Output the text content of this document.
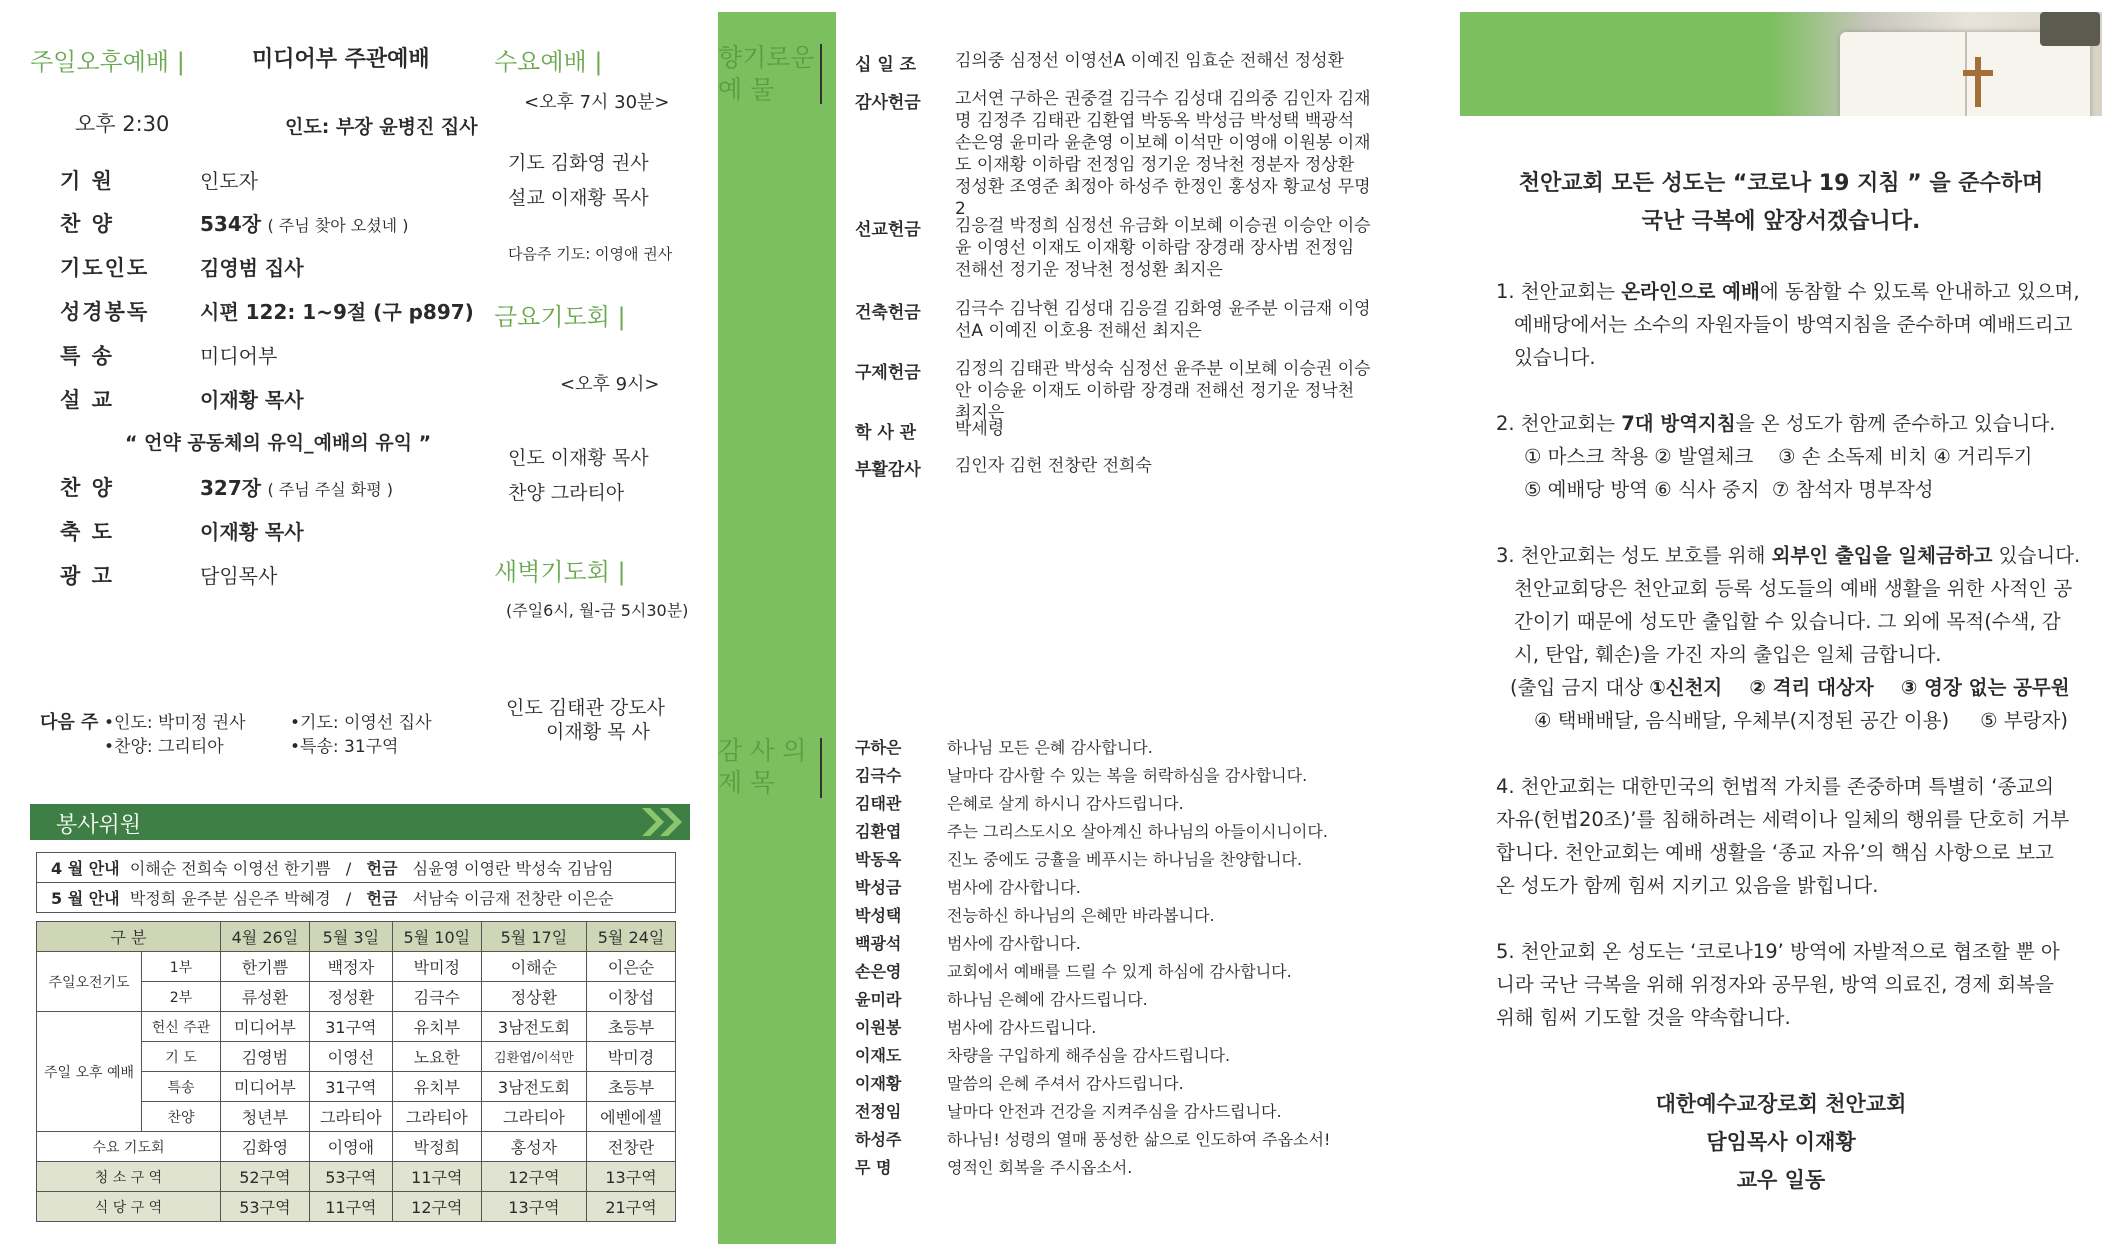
주일오후예배 |	미디어부 주관예배
오후 2:30	인도: 부장 윤병진 집사
기 원	인도자
찬 양	534장 ( 주님 찾아 오셨네 )
기도인도	김영범 집사
성경봉독	시편 122: 1~9절 (구 p897)
특 송	미디어부
설 교	이재황 목사
“ 언약 공동체의 유익_예배의 유익 ”
찬 양	327장 ( 주님 주실 화평 )
축 도	이재황 목사
광 고	담임목사
다음 주 •인도: 박미정 권사	•기도: 이영선 집사
•찬양: 그리티아	•특송: 31구역
수요예배 |
<오후 7시 30분>
기도 김화영 권사
설교 이재황 목사
다음주 기도: 이영애 권사
금요기도회 |
<오후 9시>
인도 이재황 목사
찬양 그라티아
새벽기도회 |
(주일6시, 월-금 5시30분)
인도 김태관 강도사
이재황 목 사
봉사위원
4 월 안내 이해순 전희숙 이영선 한기쁨 / 헌금 심윤영 이영란 박성숙 김남임
5 월 안내 박정희 윤주분 심은주 박혜경 / 헌금 서남숙 이금재 전창란 이은순
구 분		4월 26일	5월 3일	5월 10일	5월 17일	5월 24일
주일오전기도	1부	한기쁨	백정자	박미정	이해순	이은순
	2부	류성환	정성환	김극수	정상환	이창섭
주일 오후 예배	헌신 주관	미디어부	31구역	유치부	3남전도회	초등부
	기 도	김영범	이영선	노요한	김환엽/이석만	박미경
	특송	미디어부	31구역	유치부	3남전도회	초등부
	찬양	청년부	그라티아	그라티아	그라티아	에벤에셀
수요 기도회		김화영	이영애	박정희	홍성자	전창란
청 소 구 역		52구역	53구역	11구역	12구역	13구역
식 당 구 역		53구역	11구역	12구역	13구역	21구역
향기로운
예 물
감 사 의
제 목
십 일 조	김의중 심정선 이영선A 이예진 임효순 전해선 정성환
감사헌금	고서연 구하은 권중걸 김극수 김성대 김의중 김인자 김재명 김정주 김태관 김환엽 박동옥 박성금 박성택 백광석 손은영 윤미라 윤춘영 이보혜 이석만 이영애 이원봉 이재도 이재황 이하람 전정임 정기운 정낙천 정분자 정상환 정성환 조영준 최정아 하성주 한정인 홍성자 황교성 무명2
선교헌금	김응걸 박정희 심정선 유금화 이보혜 이승권 이승안 이승윤 이영선 이재도 이재황 이하람 장경래 장사범 전정임 전해선 정기운 정낙천 정성환 최지은
건축헌금	김극수 김낙현 김성대 김응걸 김화영 윤주분 이금재 이영선A 이예진 이호용 전해선 최지은
구제헌금	김정의 김태관 박성숙 심정선 윤주분 이보혜 이승권 이승안 이승윤 이재도 이하람 장경래 전해선 정기운 정낙천 최지은
학 사 관	박세령
부활감사	김인자 김헌 전창란 전희숙
구하은	하나님 모든 은혜 감사합니다.
김극수	날마다 감사할 수 있는 복을 허락하심을 감사합니다.
김태관	은혜로 살게 하시니 감사드립니다.
김환엽	주는 그리스도시오 살아계신 하나님의 아들이시니이다.
박동옥	진노 중에도 긍휼을 베푸시는 하나님을 찬양합니다.
박성금	범사에 감사합니다.
박성택	전능하신 하나님의 은혜만 바라봅니다.
백광석	범사에 감사합니다.
손은영	교회에서 예배를 드릴 수 있게 하심에 감사합니다.
윤미라	하나님 은혜에 감사드립니다.
이원봉	범사에 감사드립니다.
이재도	차량을 구입하게 해주심을 감사드립니다.
이재황	말씀의 은혜 주셔서 감사드립니다.
전정임	날마다 안전과 건강을 지켜주심을 감사드립니다.
하성주	하나님! 성령의 열매 풍성한 삶으로 인도하여 주옵소서!
무 명	영적인 회복을 주시옵소서.
천안교회 모든 성도는 “코로나 19 지침 ” 을 준수하며
국난 극복에 앞장서겠습니다.

1. 천안교회는 온라인으로 예배에 동참할 수 있도록 안내하고 있으며,

예배당에서는 소수의 자원자들이 방역지침을 준수하며 예배드리고

있습니다.

2. 천안교회는 7대 방역지침을 온 성도가 함께 준수하고 있습니다.

① 마스크 착용 ② 발열체크    ③ 손 소독제 비치 ④ 거리두기

⑤ 예배당 방역 ⑥ 식사 중지  ⑦ 참석자 명부작성

3. 천안교회는 성도 보호를 위해 외부인 출입을 일체금하고 있습니다.

천안교회당은 천안교회 등록 성도들의 예배 생활을 위한 사적인 공

간이기 때문에 성도만 출입할 수 있습니다. 그 외에 목적(수색, 감

시, 탄압, 훼손)을 가진 자의 출입은 일체 금합니다.

(출입 금지 대상 ①신천지    ② 격리 대상자    ③ 영장 없는 공무원

④ 택배배달, 음식배달, 우체부(지정된 공간 이용)     ⑤ 부랑자)

4. 천안교회는 대한민국의 헌법적 가치를 존중하며 특별히 ‘종교의

자유(헌법20조)’를 침해하려는 세력이나 일체의 행위를 단호히 거부

합니다. 천안교회는 예배 생활을 ‘종교 자유’의 핵심 사항으로 보고

온 성도가 함께 힘써 지키고 있음을 밝힙니다.

5. 천안교회 온 성도는 ‘코로나19’ 방역에 자발적으로 협조할 뿐 아

니라 국난 극복을 위해 위정자와 공무원, 방역 의료진, 경제 회복을

위해 힘써 기도할 것을 약속합니다.

대한예수교장로회 천안교회
담임목사 이재황
교우 일동
